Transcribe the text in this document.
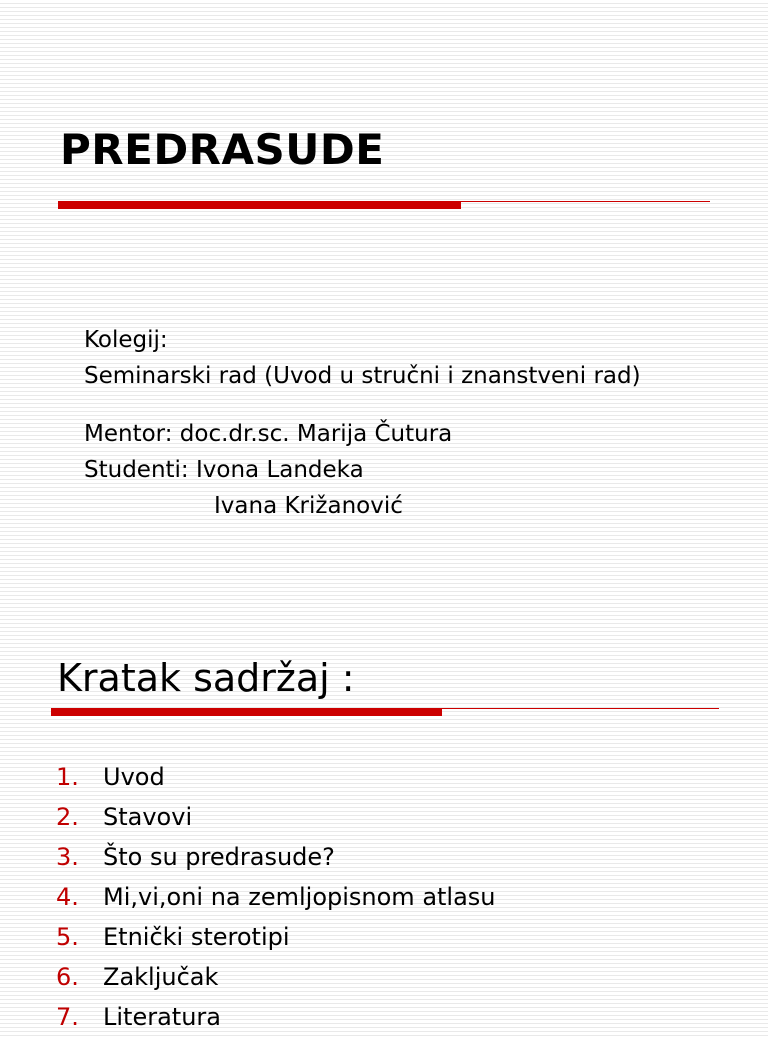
PREDRASUDE
Kolegij:
Seminarski rad (Uvod u stručni i znanstveni rad)
Mentor: doc.dr.sc. Marija Čutura
Studenti: Ivona Landeka
Ivana Križanović
Kratak sadržaj :
1. Uvod
2. Stavovi
3. Što su predrasude?
4. Mi,vi,oni na zemljopisnom atlasu
5. Etnički sterotipi
6. Zaključak
7. Literatura
